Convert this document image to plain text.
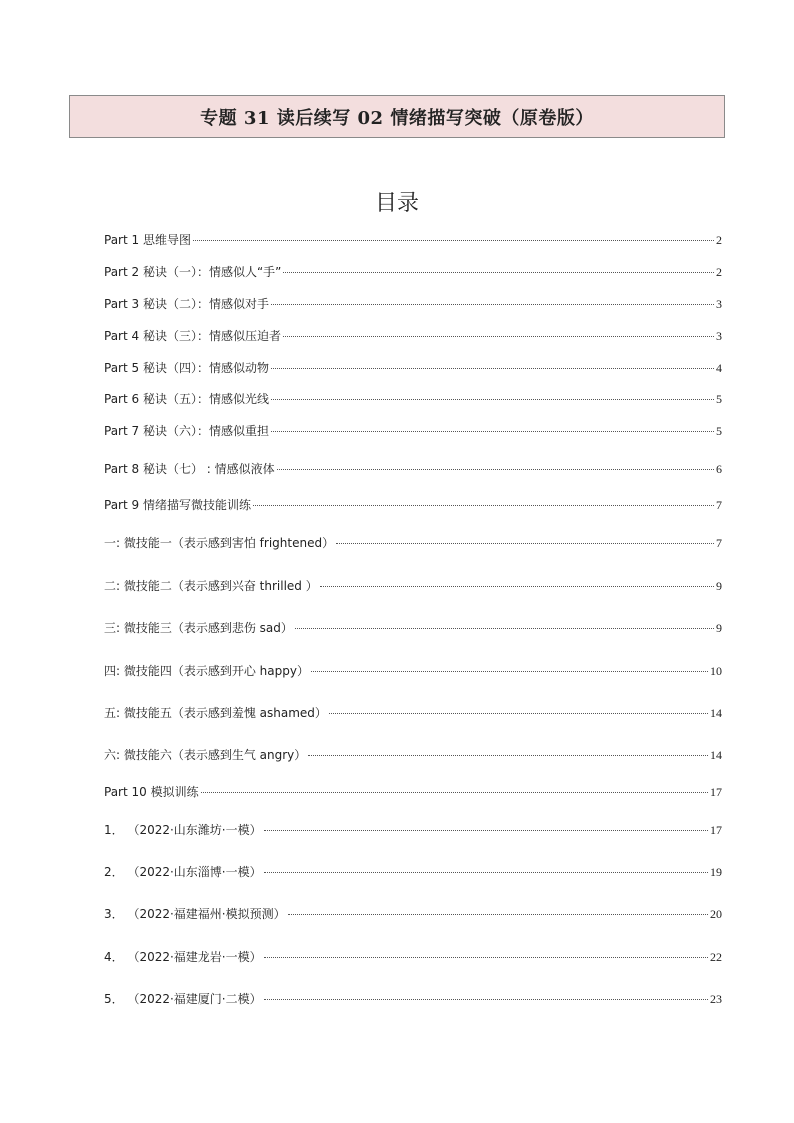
专题 31 读后续写 02 情绪描写突破（原卷版）
目录
Part 1 思维导图	2
Part 2 秘诀（一）：情感似人“手”	2
Part 3 秘诀（二）：情感似对手	3
Part 4 秘诀（三）：情感似压迫者	3
Part 5 秘诀（四）：情感似动物	4
Part 6 秘诀（五）：情感似光线	5
Part 7 秘诀（六）：情感似重担	5
Part 8 秘诀（七） : 情感似液体	6
Part 9 情绪描写微技能训练	7
一: 微技能一（表示感到害怕 frightened）	7
二: 微技能二（表示感到兴奋 thrilled ）	9
三: 微技能三（表示感到悲伤 sad）	9
四: 微技能四（表示感到开心 happy）	10
五: 微技能五（表示感到羞愧 ashamed）	14
六: 微技能六（表示感到生气 angry）	14
Part 10 模拟训练	17
1． （2022·山东潍坊·一模）	17
2． （2022·山东淄博·一模）	19
3． （2022·福建福州·模拟预测）	20
4． （2022·福建龙岩·一模）	22
5． （2022·福建厦门·二模）	23
